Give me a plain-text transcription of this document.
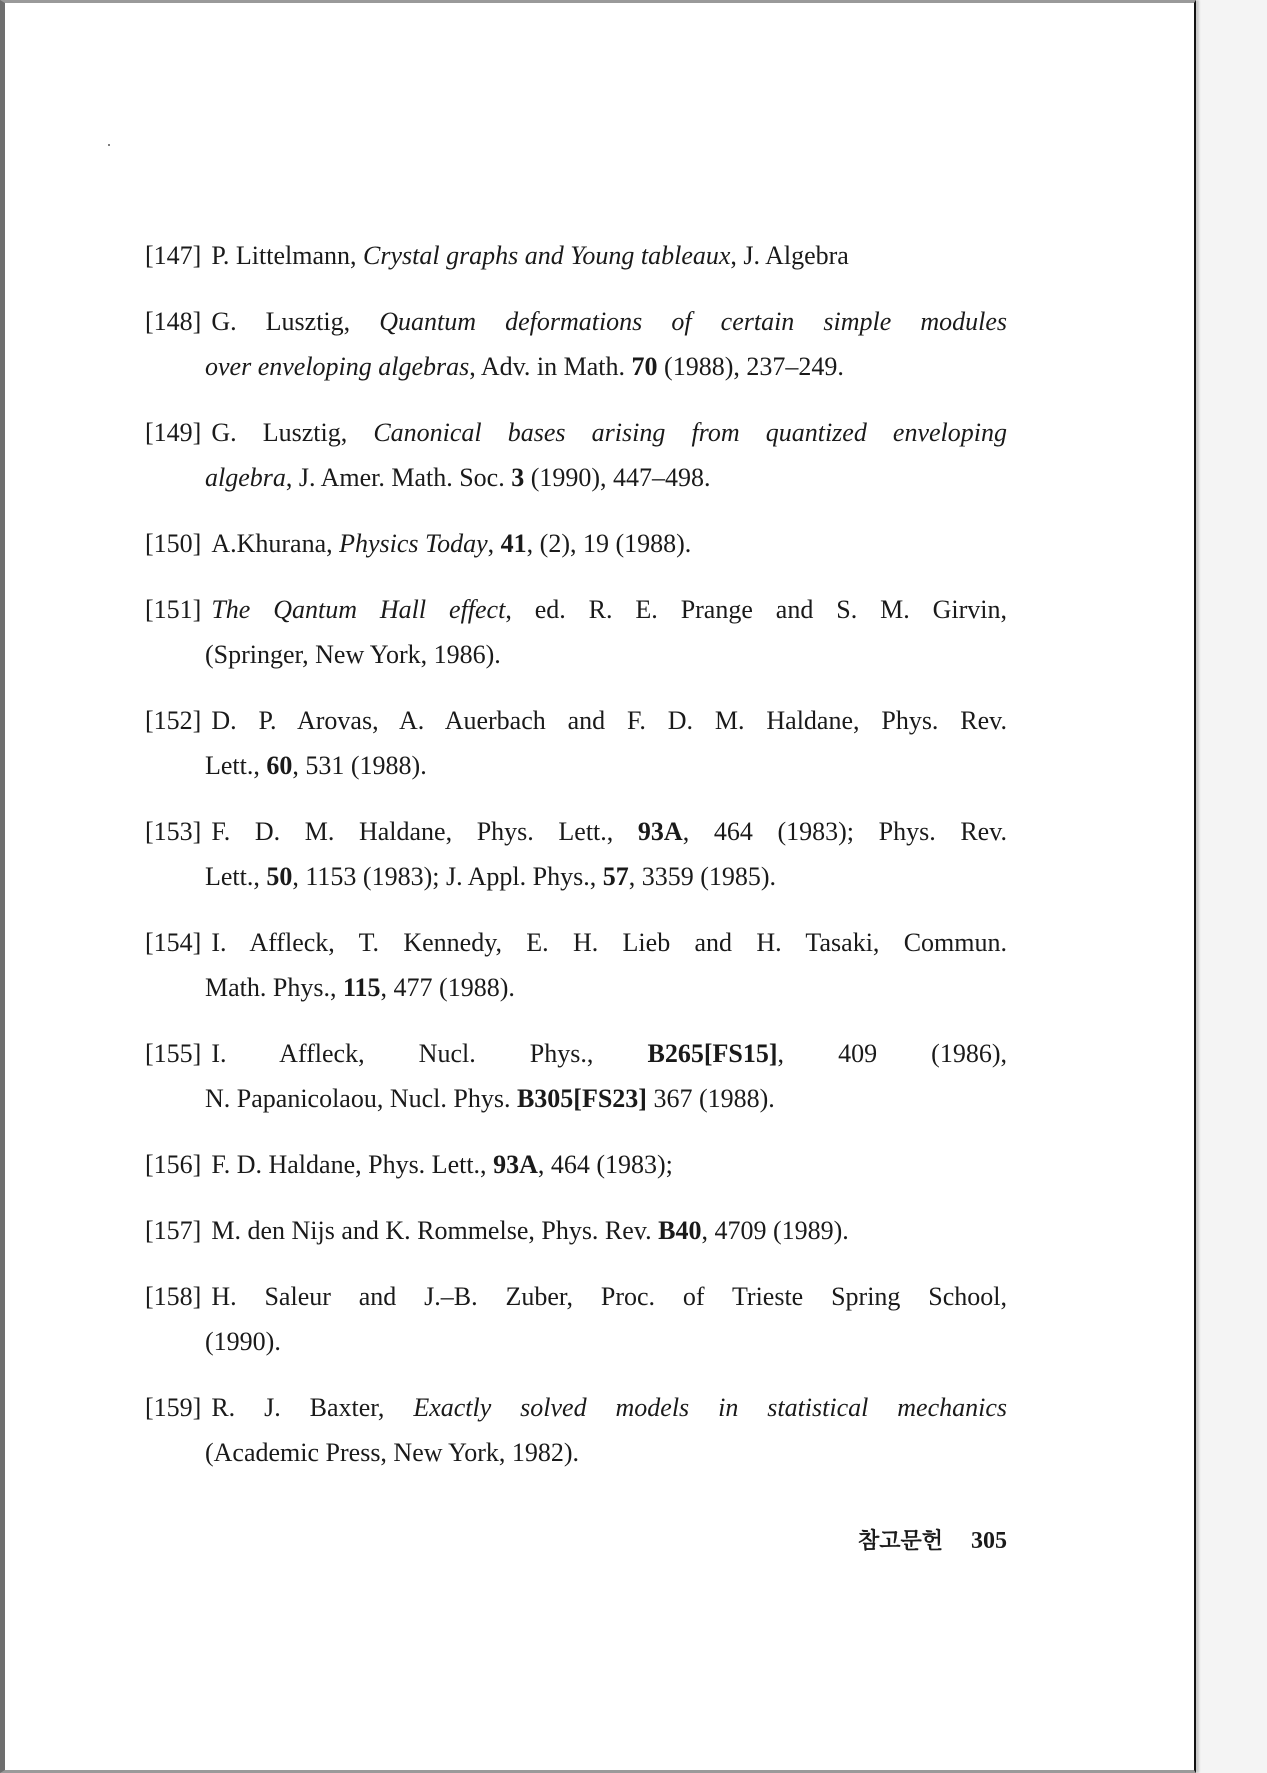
[147] P. Littelmann, Crystal graphs and Young tableaux, J. Algebra
[148] G. Lusztig, Quantum deformations of certain simple modules
over enveloping algebras, Adv. in Math. 70 (1988), 237–249.
[149] G. Lusztig, Canonical bases arising from quantized enveloping
algebra, J. Amer. Math. Soc. 3 (1990), 447–498.
[150] A.Khurana, Physics Today, 41, (2), 19 (1988).
[151] The Qantum Hall effect, ed. R. E. Prange and S. M. Girvin,
(Springer, New York, 1986).
[152] D. P. Arovas, A. Auerbach and F. D. M. Haldane, Phys. Rev.
Lett., 60, 531 (1988).
[153] F. D. M. Haldane, Phys. Lett., 93A, 464 (1983); Phys. Rev.
Lett., 50, 1153 (1983); J. Appl. Phys., 57, 3359 (1985).
[154] I. Affleck, T. Kennedy, E. H. Lieb and H. Tasaki, Commun.
Math. Phys., 115, 477 (1988).
[155] I. Affleck, Nucl. Phys., B265[FS15], 409 (1986),
N. Papanicolaou, Nucl. Phys. B305[FS23] 367 (1988).
[156] F. D. Haldane, Phys. Lett., 93A, 464 (1983);
[157] M. den Nijs and K. Rommelse, Phys. Rev. B40, 4709 (1989).
[158] H. Saleur and J.–B. Zuber, Proc. of Trieste Spring School,
(1990).
[159] R. J. Baxter, Exactly solved models in statistical mechanics
(Academic Press, New York, 1982).
참고문헌 305
